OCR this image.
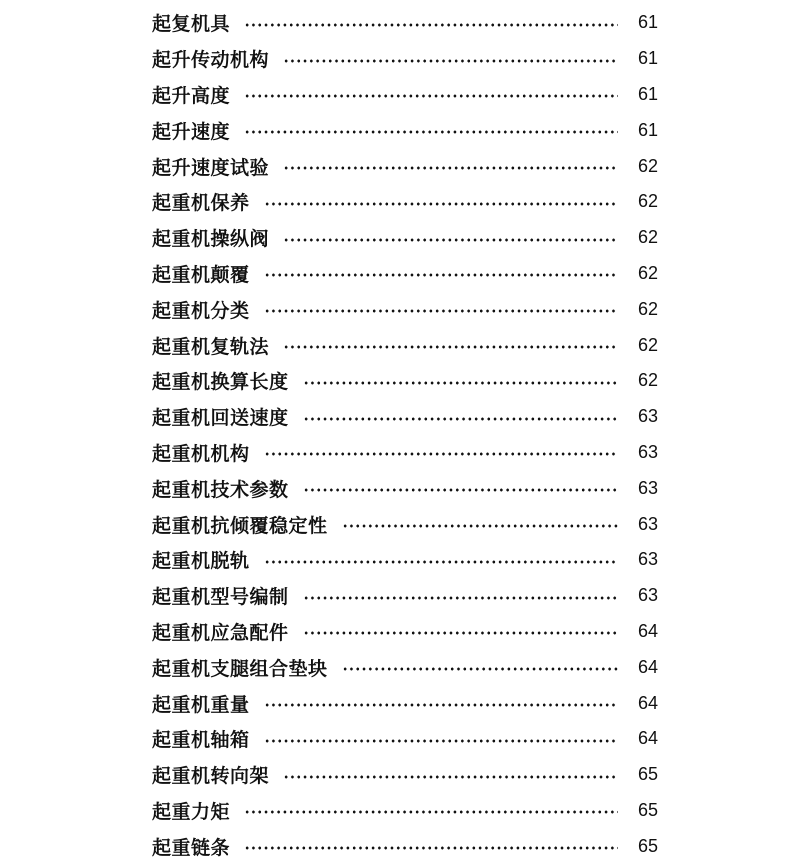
起复机具	61
起升传动机构	61
起升高度	61
起升速度	61
起升速度试验	62
起重机保养	62
起重机操纵阀	62
起重机颠覆	62
起重机分类	62
起重机复轨法	62
起重机换算长度	62
起重机回送速度	63
起重机机构	63
起重机技术参数	63
起重机抗倾覆稳定性	63
起重机脱轨	63
起重机型号编制	63
起重机应急配件	64
起重机支腿组合垫块	64
起重机重量	64
起重机轴箱	64
起重机转向架	65
起重力矩	65
起重链条	65
